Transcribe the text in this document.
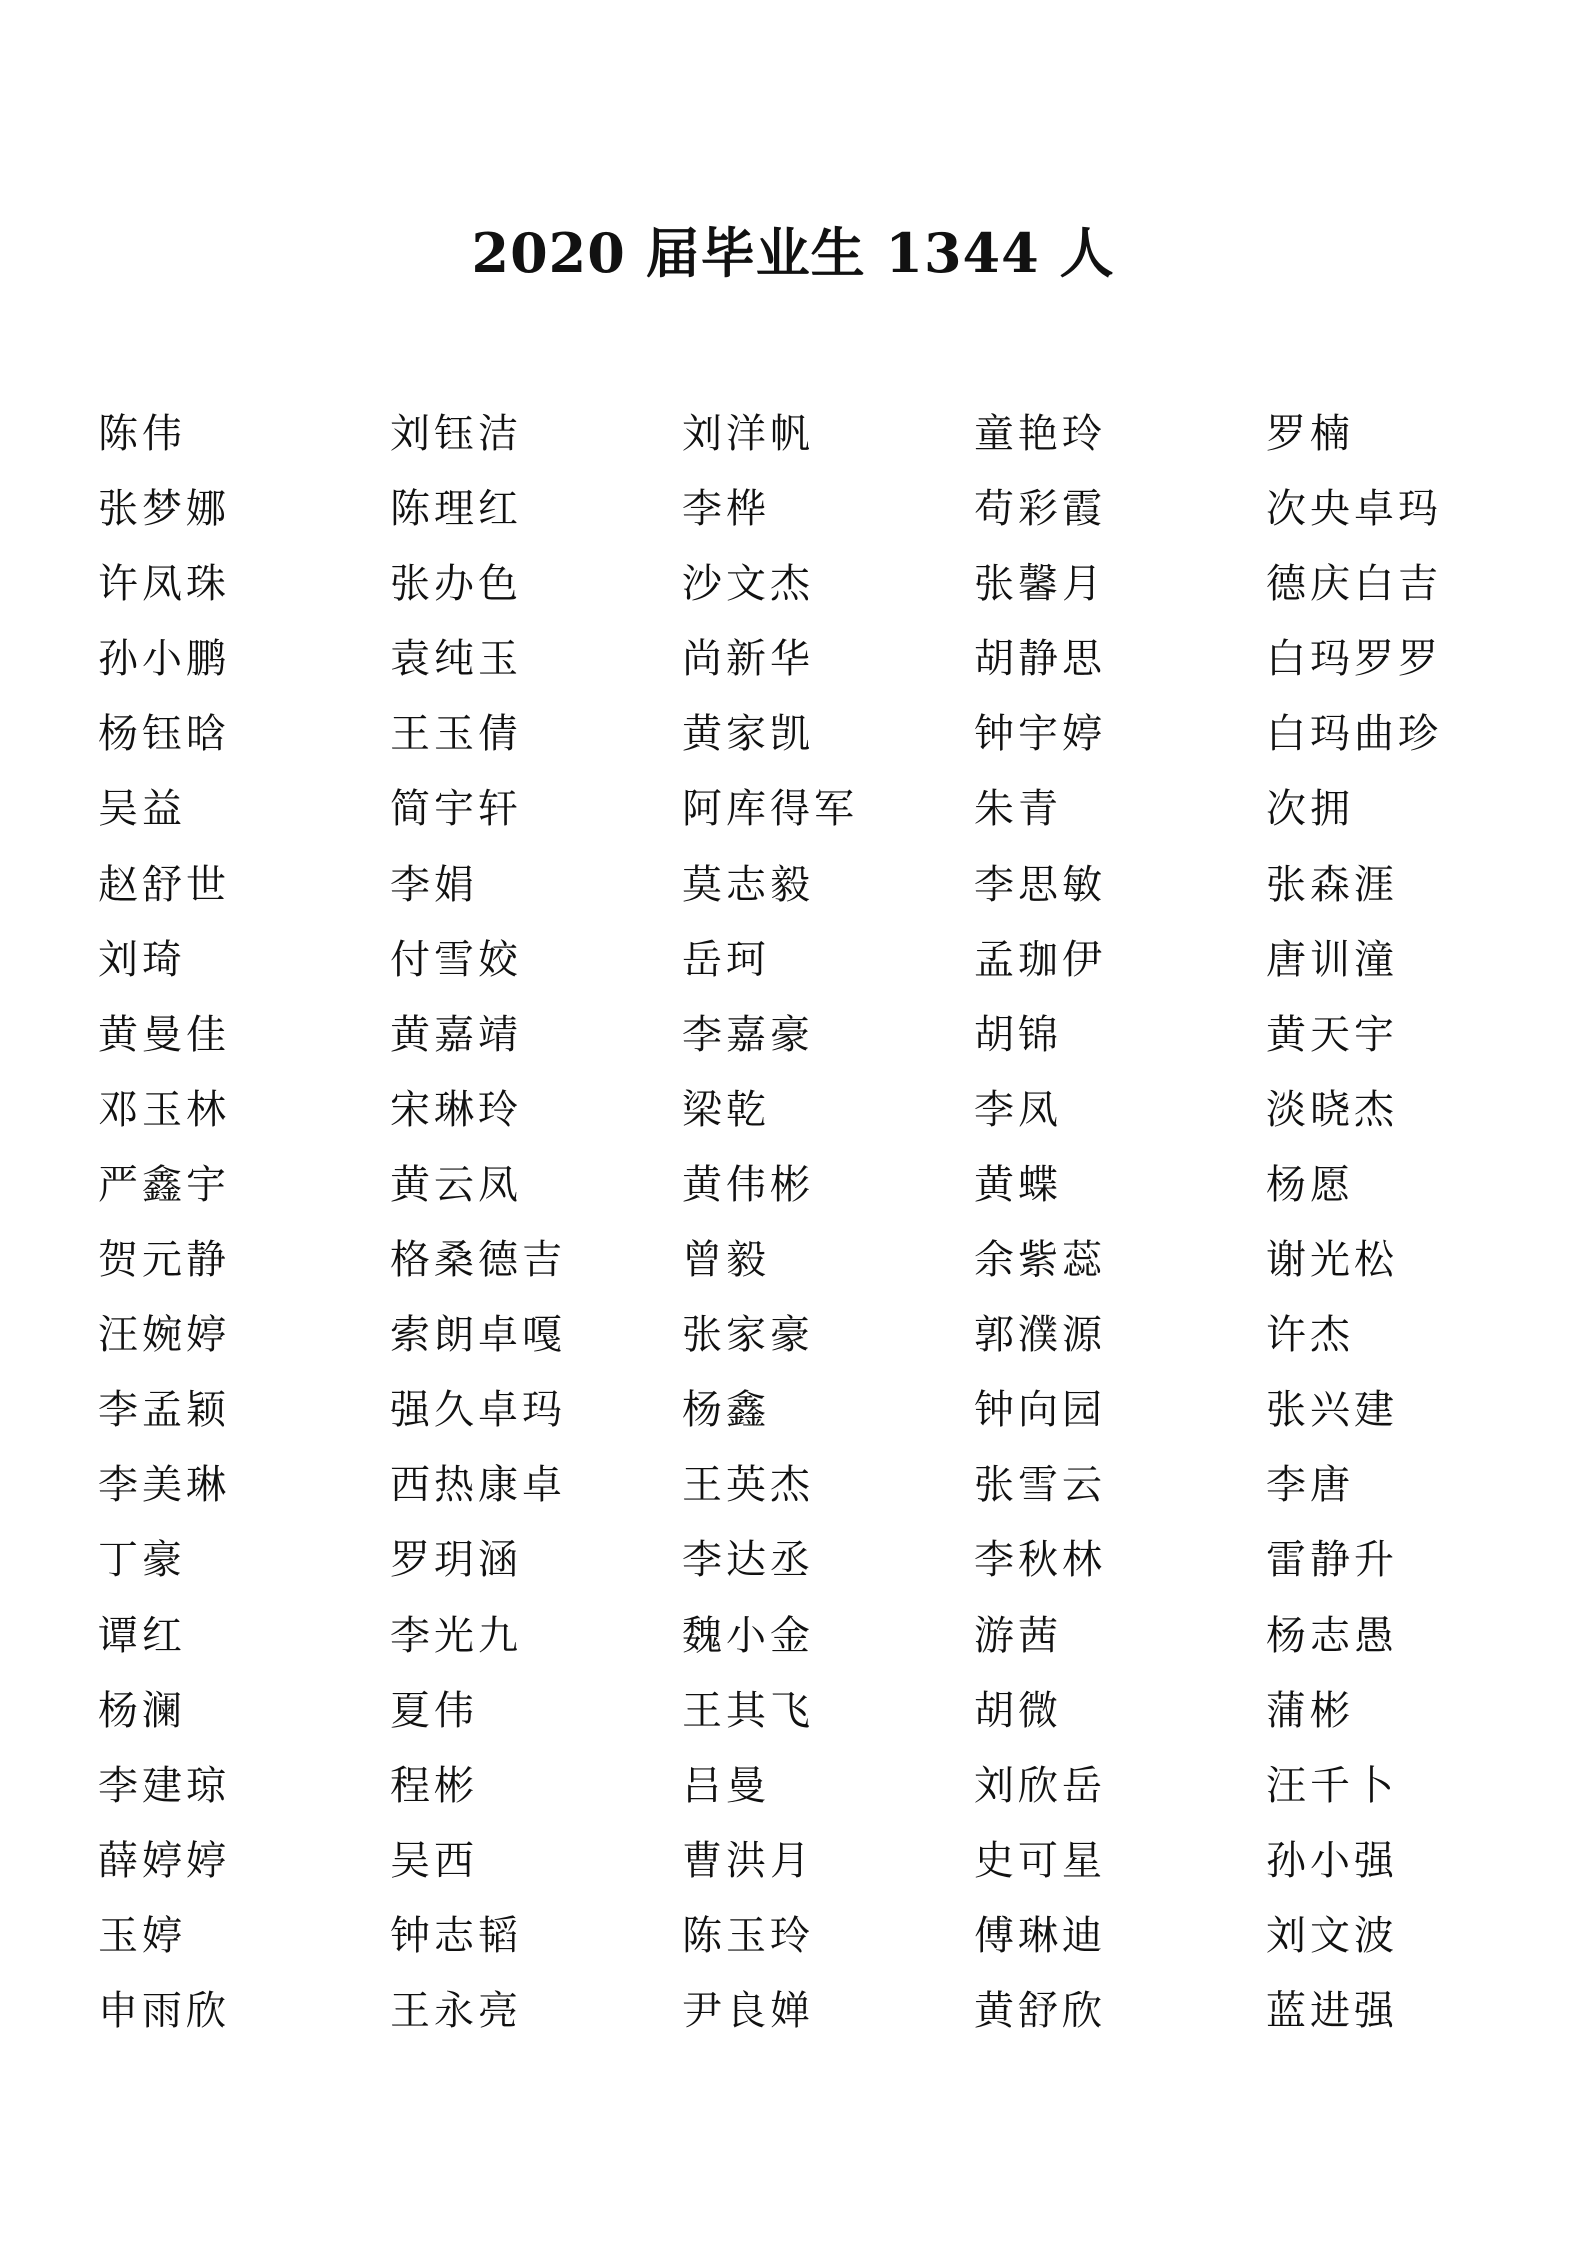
2020 届毕业生 1344 人
陈伟	刘钰洁	刘洋帆	童艳玲	罗楠
张梦娜	陈理红	李桦	苟彩霞	次央卓玛
许凤珠	张办色	沙文杰	张馨月	德庆白吉
孙小鹏	袁纯玉	尚新华	胡静思	白玛罗罗
杨钰晗	王玉倩	黄家凯	钟宇婷	白玛曲珍
吴益	简宇轩	阿库得军	朱青	次拥
赵舒世	李娟	莫志毅	李思敏	张森涯
刘琦	付雪姣	岳珂	孟珈伊	唐训潼
黄曼佳	黄嘉靖	李嘉豪	胡锦	黄天宇
邓玉林	宋琳玲	梁乾	李凤	淡晓杰
严鑫宇	黄云凤	黄伟彬	黄蝶	杨愿
贺元静	格桑德吉	曾毅	余紫蕊	谢光松
汪婉婷	索朗卓嘎	张家豪	郭濮源	许杰
李孟颖	强久卓玛	杨鑫	钟向园	张兴建
李美琳	西热康卓	王英杰	张雪云	李唐
丁豪	罗玥涵	李达丞	李秋林	雷静升
谭红	李光九	魏小金	游茜	杨志愚
杨澜	夏伟	王其飞	胡微	蒲彬
李建琼	程彬	吕曼	刘欣岳	汪千卜
薛婷婷	吴西	曹洪月	史可星	孙小强
玉婷	钟志韬	陈玉玲	傅琳迪	刘文波
申雨欣	王永亮	尹良婵	黄舒欣	蓝进强
